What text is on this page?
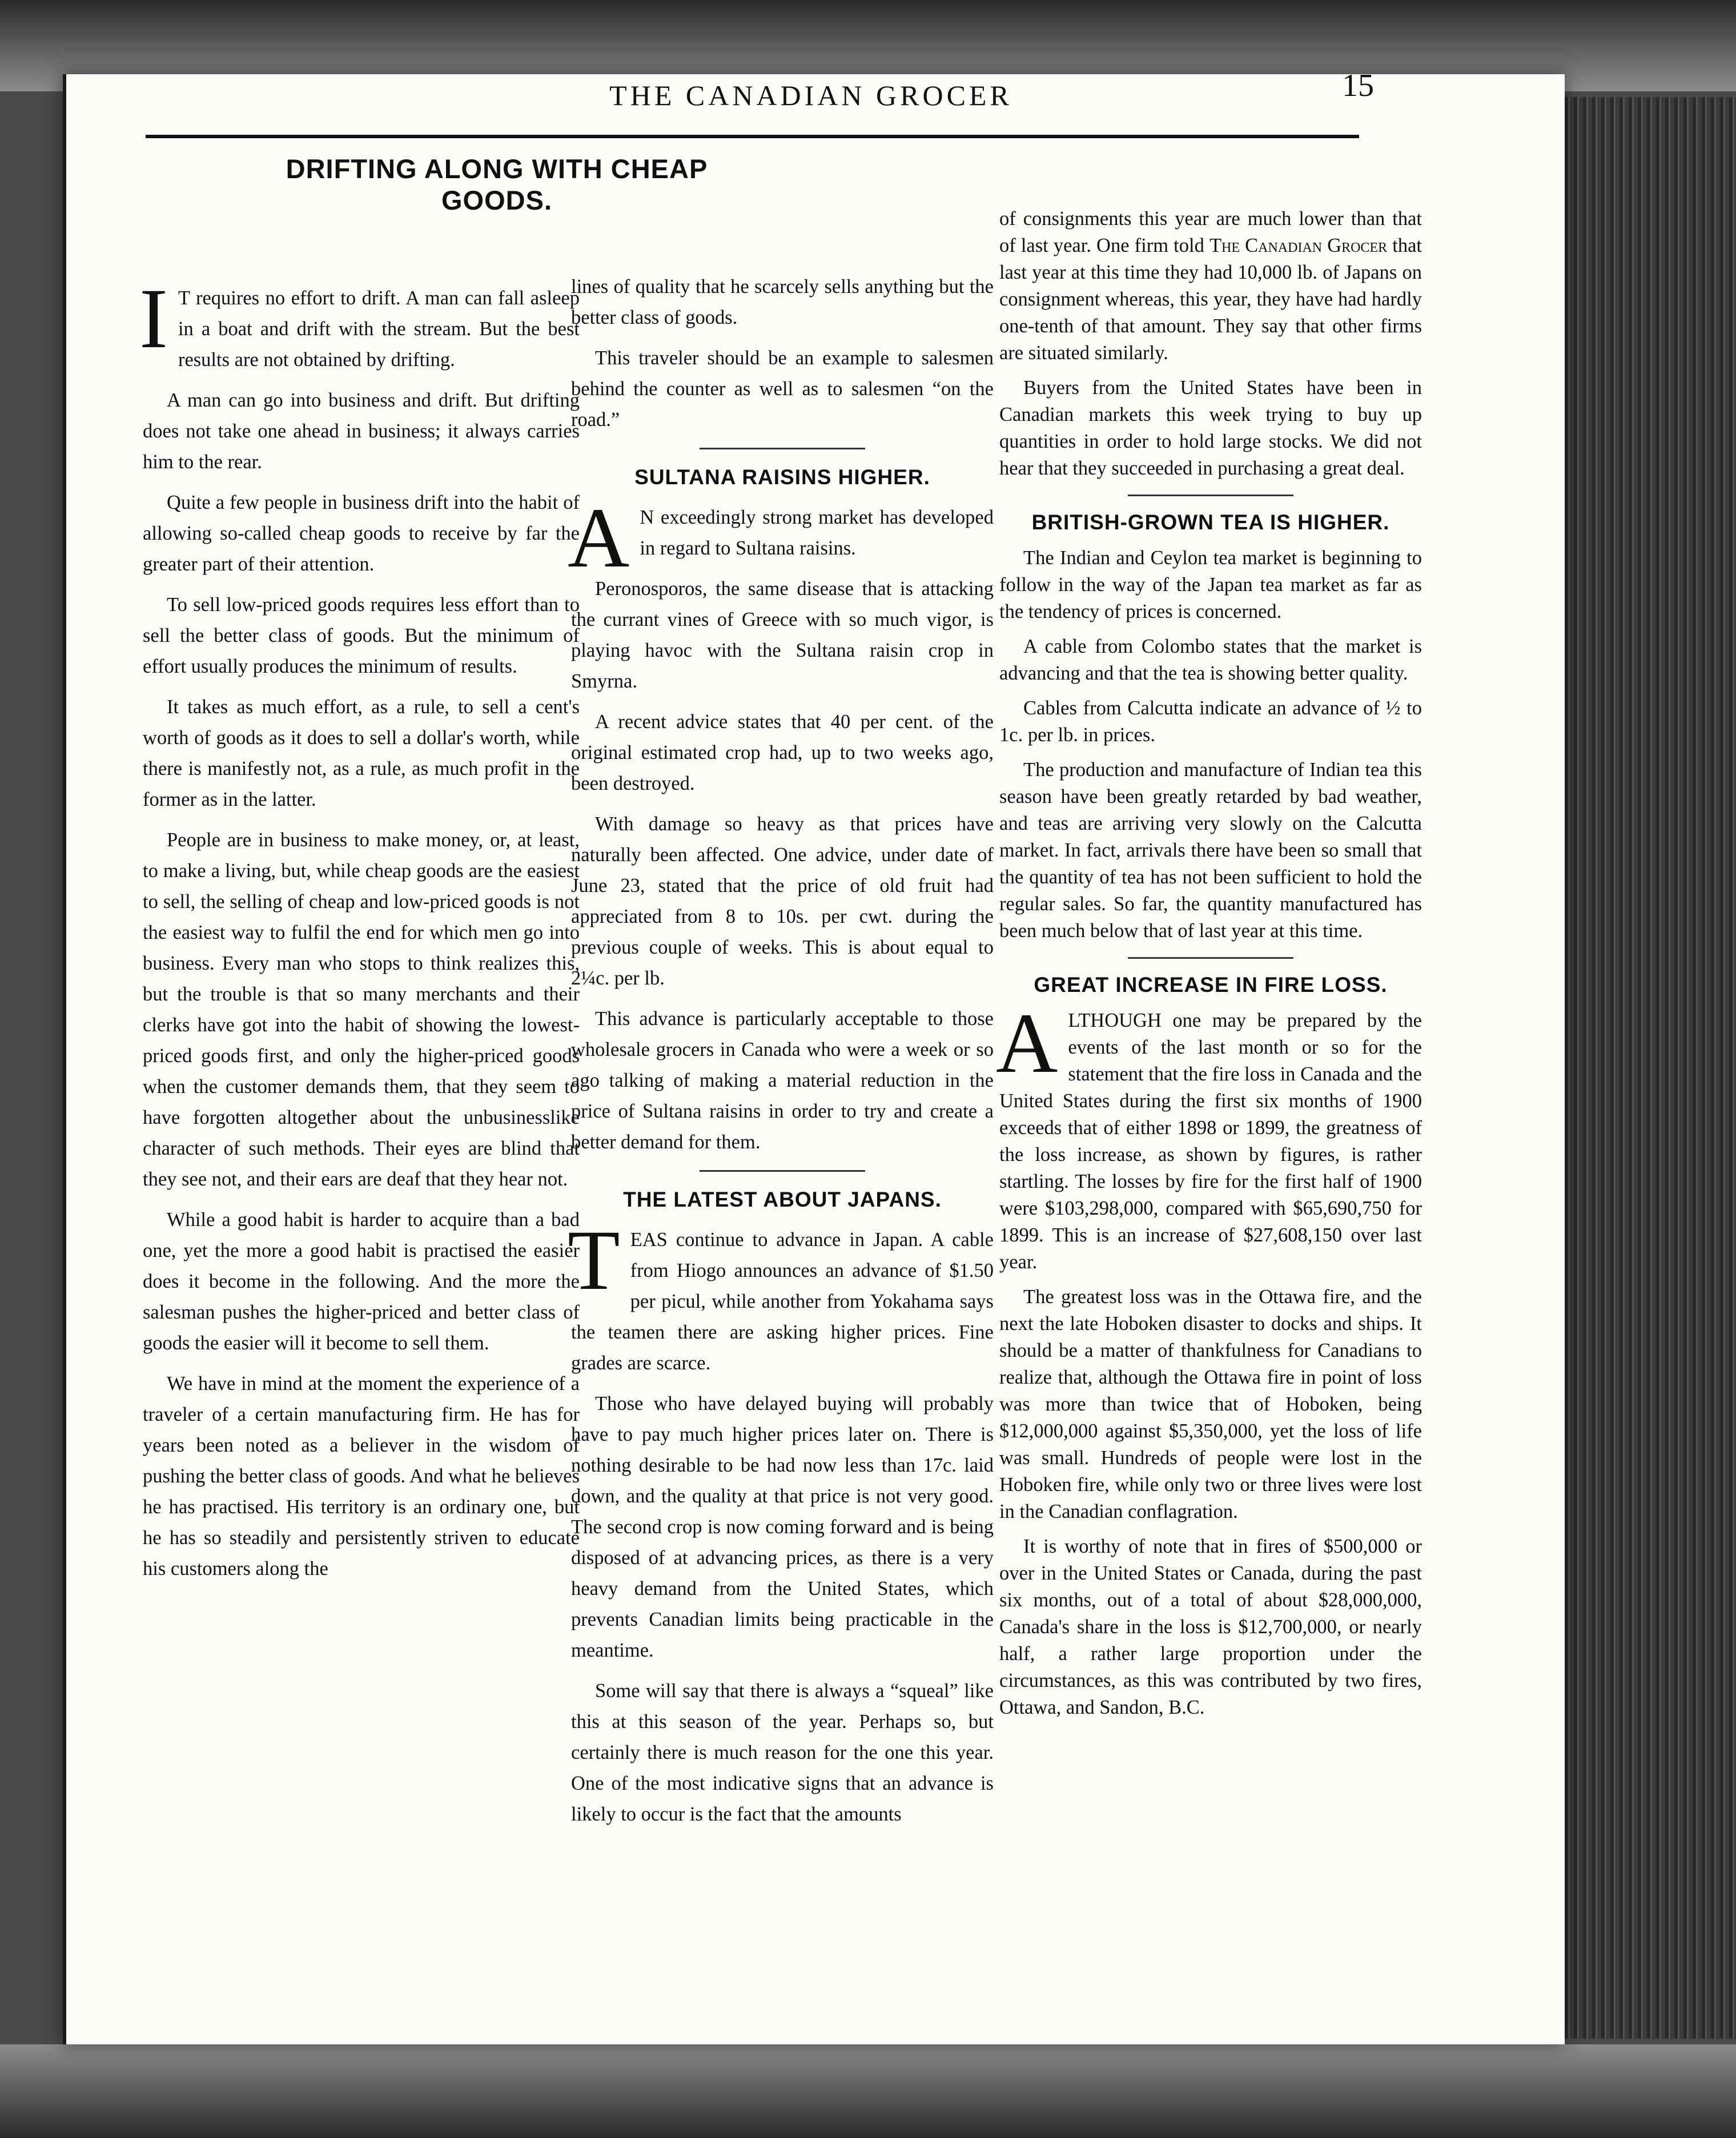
THE CANADIAN GROCER	15
DRIFTING ALONG WITH CHEAP GOODS.

I T requires no effort to drift. A man can fall asleep in a boat and drift with the stream. But the best results are not obtained by drifting.

A man can go into business and drift. But drifting does not take one ahead in business; it always carries him to the rear.

Quite a few people in business drift into the habit of allowing so-called cheap goods to receive by far the greater part of their attention.

To sell low-priced goods requires less effort than to sell the better class of goods. But the minimum of effort usually produces the minimum of results.

It takes as much effort, as a rule, to sell a cent's worth of goods as it does to sell a dollar's worth, while there is manifestly not, as a rule, as much profit in the former as in the latter.

People are in business to make money, or, at least, to make a living, but, while cheap goods are the easiest to sell, the selling of cheap and low-priced goods is not the easiest way to fulfil the end for which men go into business. Every man who stops to think realizes this, but the trouble is that so many merchants and their clerks have got into the habit of showing the lowest-priced goods first, and only the higher-priced goods when the customer demands them, that they seem to have forgotten altogether about the unbusinesslike character of such methods. Their eyes are blind that they see not, and their ears are deaf that they hear not.

While a good habit is harder to acquire than a bad one, yet the more a good habit is practised the easier does it become in the following. And the more the salesman pushes the higher-priced and better class of goods the easier will it become to sell them.

We have in mind at the moment the experience of a traveler of a certain manufacturing firm. He has for years been noted as a believer in the wisdom of pushing the better class of goods. And what he believes he has practised. His territory is an ordinary one, but he has so steadily and persistently striven to educate his customers along the

lines of quality that he scarcely sells anything but the better class of goods.

This traveler should be an example to salesmen behind the counter as well as to salesmen “on the road.”

SULTANA RAISINS HIGHER.

A N exceedingly strong market has developed in regard to Sultana raisins.

Peronosporos, the same disease that is attacking the currant vines of Greece with so much vigor, is playing havoc with the Sultana raisin crop in Smyrna.

A recent advice states that 40 per cent. of the original estimated crop had, up to two weeks ago, been destroyed.

With damage so heavy as that prices have naturally been affected. One advice, under date of June 23, stated that the price of old fruit had appreciated from 8 to 10s. per cwt. during the previous couple of weeks. This is about equal to 2¼c. per lb.

This advance is particularly acceptable to those wholesale grocers in Canada who were a week or so ago talking of making a material reduction in the price of Sultana raisins in order to try and create a better demand for them.

THE LATEST ABOUT JAPANS.

TEAS continue to advance in Japan. A cable from Hiogo announces an advance of $1.50 per picul, while another from Yokahama says the teamen there are asking higher prices. Fine grades are scarce.

Those who have delayed buying will probably have to pay much higher prices later on. There is nothing desirable to be had now less than 17c. laid down, and the quality at that price is not very good. The second crop is now coming forward and is being disposed of at advancing prices, as there is a very heavy demand from the United States, which prevents Canadian limits being practicable in the meantime.

Some will say that there is always a “squeal” like this at this season of the year. Perhaps so, but certainly there is much reason for the one this year. One of the most indicative signs that an advance is likely to occur is the fact that the amounts

of consignments this year are much lower than that of last year. One firm told The Canadian Grocer that last year at this time they had 10,000 lb. of Japans on consignment whereas, this year, they have had hardly one-tenth of that amount. They say that other firms are situated similarly.

Buyers from the United States have been in Canadian markets this week trying to buy up quantities in order to hold large stocks. We did not hear that they succeeded in purchasing a great deal.

BRITISH-GROWN TEA IS HIGHER.

The Indian and Ceylon tea market is beginning to follow in the way of the Japan tea market as far as the tendency of prices is concerned.

A cable from Colombo states that the market is advancing and that the tea is showing better quality.

Cables from Calcutta indicate an advance of ½ to 1c. per lb. in prices.

The production and manufacture of Indian tea this season have been greatly retarded by bad weather, and teas are arriving very slowly on the Calcutta market. In fact, arrivals there have been so small that the quantity of tea has not been sufficient to hold the regular sales. So far, the quantity manufactured has been much below that of last year at this time.

GREAT INCREASE IN FIRE LOSS.

ALTHOUGH one may be prepared by the events of the last month or so for the statement that the fire loss in Canada and the United States during the first six months of 1900 exceeds that of either 1898 or 1899, the greatness of the loss increase, as shown by figures, is rather startling. The losses by fire for the first half of 1900 were $103,298,000, compared with $65,690,750 for 1899. This is an increase of $27,608,150 over last year.

The greatest loss was in the Ottawa fire, and the next the late Hoboken disaster to docks and ships. It should be a matter of thankfulness for Canadians to realize that, although the Ottawa fire in point of loss was more than twice that of Hoboken, being $12,000,000 against $5,350,000, yet the loss of life was small. Hundreds of people were lost in the Hoboken fire, while only two or three lives were lost in the Canadian conflagration.

It is worthy of note that in fires of $500,000 or over in the United States or Canada, during the past six months, out of a total of about $28,000,000, Canada's share in the loss is $12,700,000, or nearly half, a rather large proportion under the circumstances, as this was contributed by two fires, Ottawa, and Sandon, B.C.
